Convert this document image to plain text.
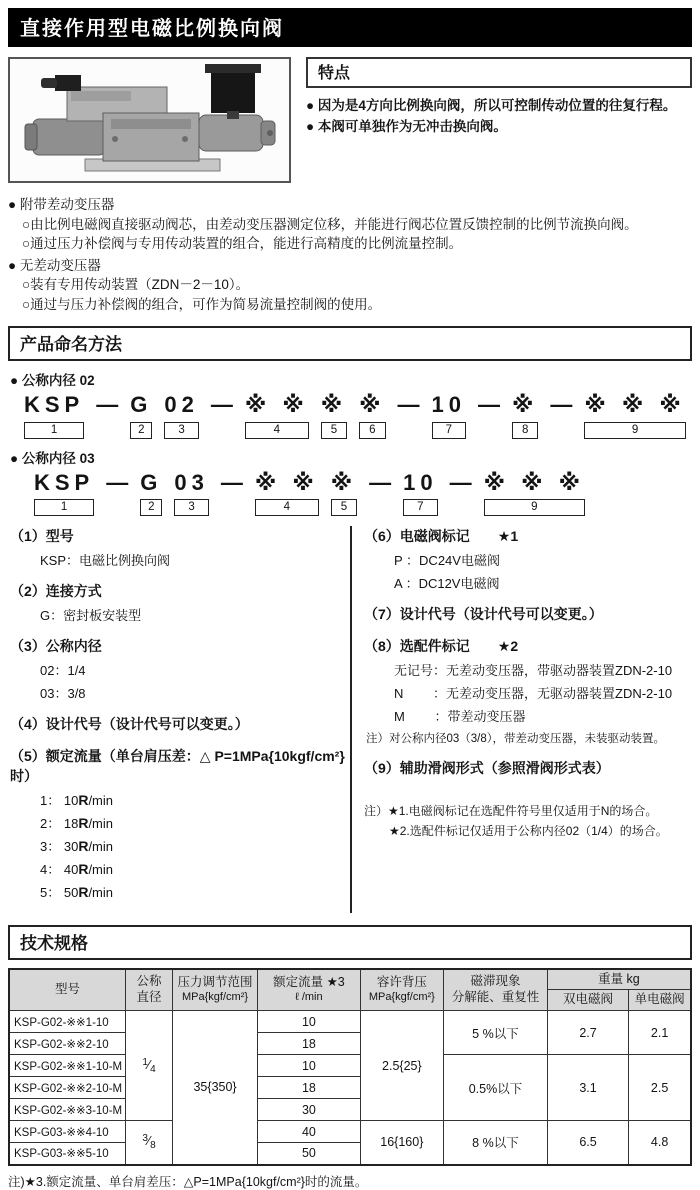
直接作用型电磁比例换向阀
特点
● 因为是4方向比例换向阀，所以可控制传动位置的往复行程。
● 本阀可单独作为无冲击换向阀。
● 附带差动变压器
○由比例电磁阀直接驱动阀芯，由差动变压器测定位移，并能进行阀芯位置反馈控制的比例节流换向阀。
○通过压力补偿阀与专用传动装置的组合，能进行高精度的比例流量控制。
● 无差动变压器
○装有专用传动装置（ZDN－2－10）。
○通过与压力补偿阀的组合，可作为简易流量控制阀的使用。
产品命名方法
● 公称内径 02
KSP
1
— G
2
02
3
— ※ ※
4
※
5
※
6
— 10
7
— ※
8
— ※ ※ ※
9
● 公称内径 03
KSP
1
— G
2
03
3
— ※ ※
4
※
5
— 10
7
— ※ ※ ※
9
（1）型号
KSP：电磁比例换向阀
（2）连接方式
G：密封板安装型
（3）公称内径
02：1/4
03：3/8
（4）设计代号（设计代号可以变更。）
（5）额定流量（单台肩压差：△ P=1MPa{10kgf/cm²} 时）
1： 10R/min
2： 18R/min
3： 30R/min
4： 40R/min
5： 50R/min
（6）电磁阀标记 ★1
P ：DC24V电磁阀
A ：DC12V电磁阀
（7）设计代号（设计代号可以变更。）
（8）选配件标记 ★2
无记号：无差动变压器，带驱动器装置ZDN-2-10
N　　 ：无差动变压器，无驱动器装置ZDN-2-10
M　　 ：带差动变压器
注）对公称内径03（3/8），带差动变压器，未装驱动装置。
（9）辅助滑阀形式（参照滑阀形式表）
注）★1.电磁阀标记在选配件符号里仅适用于N的场合。
★2.选配件标记仅适用于公称内径02（1/4）的场合。
技术规格
型号	
公称
直径

压力调节范围
MPa{kgf/cm²}

额定流量 ★3
ℓ /min

容许背压
MPa{kgf/cm²}

磁滞现象
分解能、重复性
	重量 kg
						双电磁阀	单电磁阀
KSP-G02-※※1-10	$^1⁄_4$	35{350}	10	2.5{25}	5 %以下	2.7	2.1
KSP-G02-※※2-10			18				
KSP-G02-※※1-10-M			10		0.5%以下	3.1	2.5
KSP-G02-※※2-10-M			18				
KSP-G02-※※3-10-M			30				
KSP-G03-※※4-10	$^3⁄_8$		40	16{160}	8 %以下	6.5	4.8
KSP-G03-※※5-10			50				
注)★3.额定流量、单台肩差压：△P=1MPa{10kgf/cm²}时的流量。
